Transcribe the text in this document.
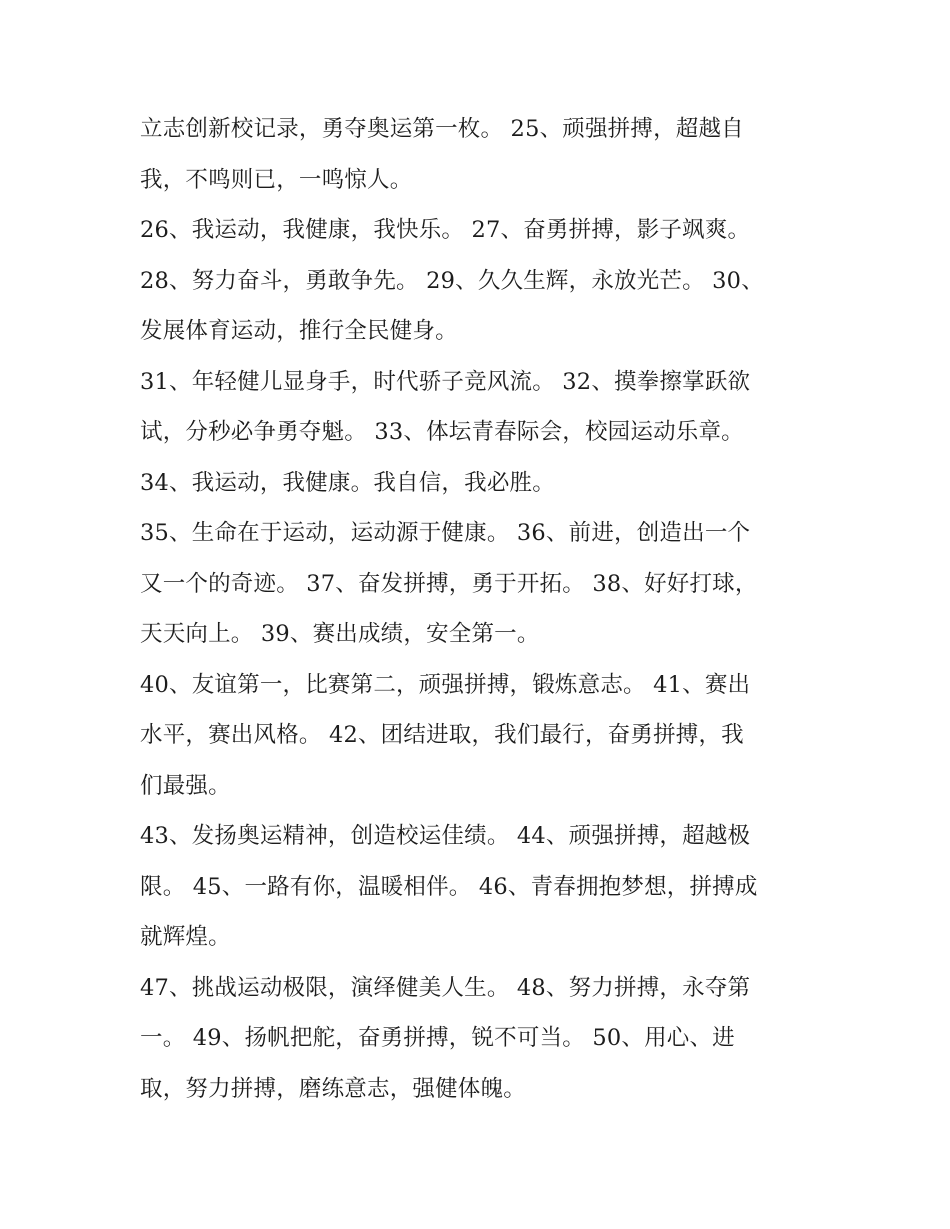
立志创新校记录，勇夺奥运第一枚。 25、顽强拼搏，超越自
我，不鸣则已，一鸣惊人。
26、我运动，我健康，我快乐。 27、奋勇拼搏，影子飒爽。
28、努力奋斗，勇敢争先。 29、久久生辉，永放光芒。 30、
发展体育运动，推行全民健身。
31、年轻健儿显身手，时代骄子竞风流。 32、摸拳擦掌跃欲
试，分秒必争勇夺魁。 33、体坛青春际会，校园运动乐章。
34、我运动，我健康。我自信，我必胜。
35、生命在于运动，运动源于健康。 36、前进，创造出一个
又一个的奇迹。 37、奋发拼搏，勇于开拓。 38、好好打球，
天天向上。 39、赛出成绩，安全第一。
40、友谊第一，比赛第二，顽强拼搏，锻炼意志。 41、赛出
水平，赛出风格。 42、团结进取，我们最行，奋勇拼搏，我
们最强。
43、发扬奥运精神，创造校运佳绩。 44、顽强拼搏，超越极
限。 45、一路有你，温暖相伴。 46、青春拥抱梦想，拼搏成
就辉煌。
47、挑战运动极限，演绎健美人生。 48、努力拼搏，永夺第
一。 49、扬帆把舵，奋勇拼搏，锐不可当。 50、用心、进
取，努力拼搏，磨练意志，强健体魄。
